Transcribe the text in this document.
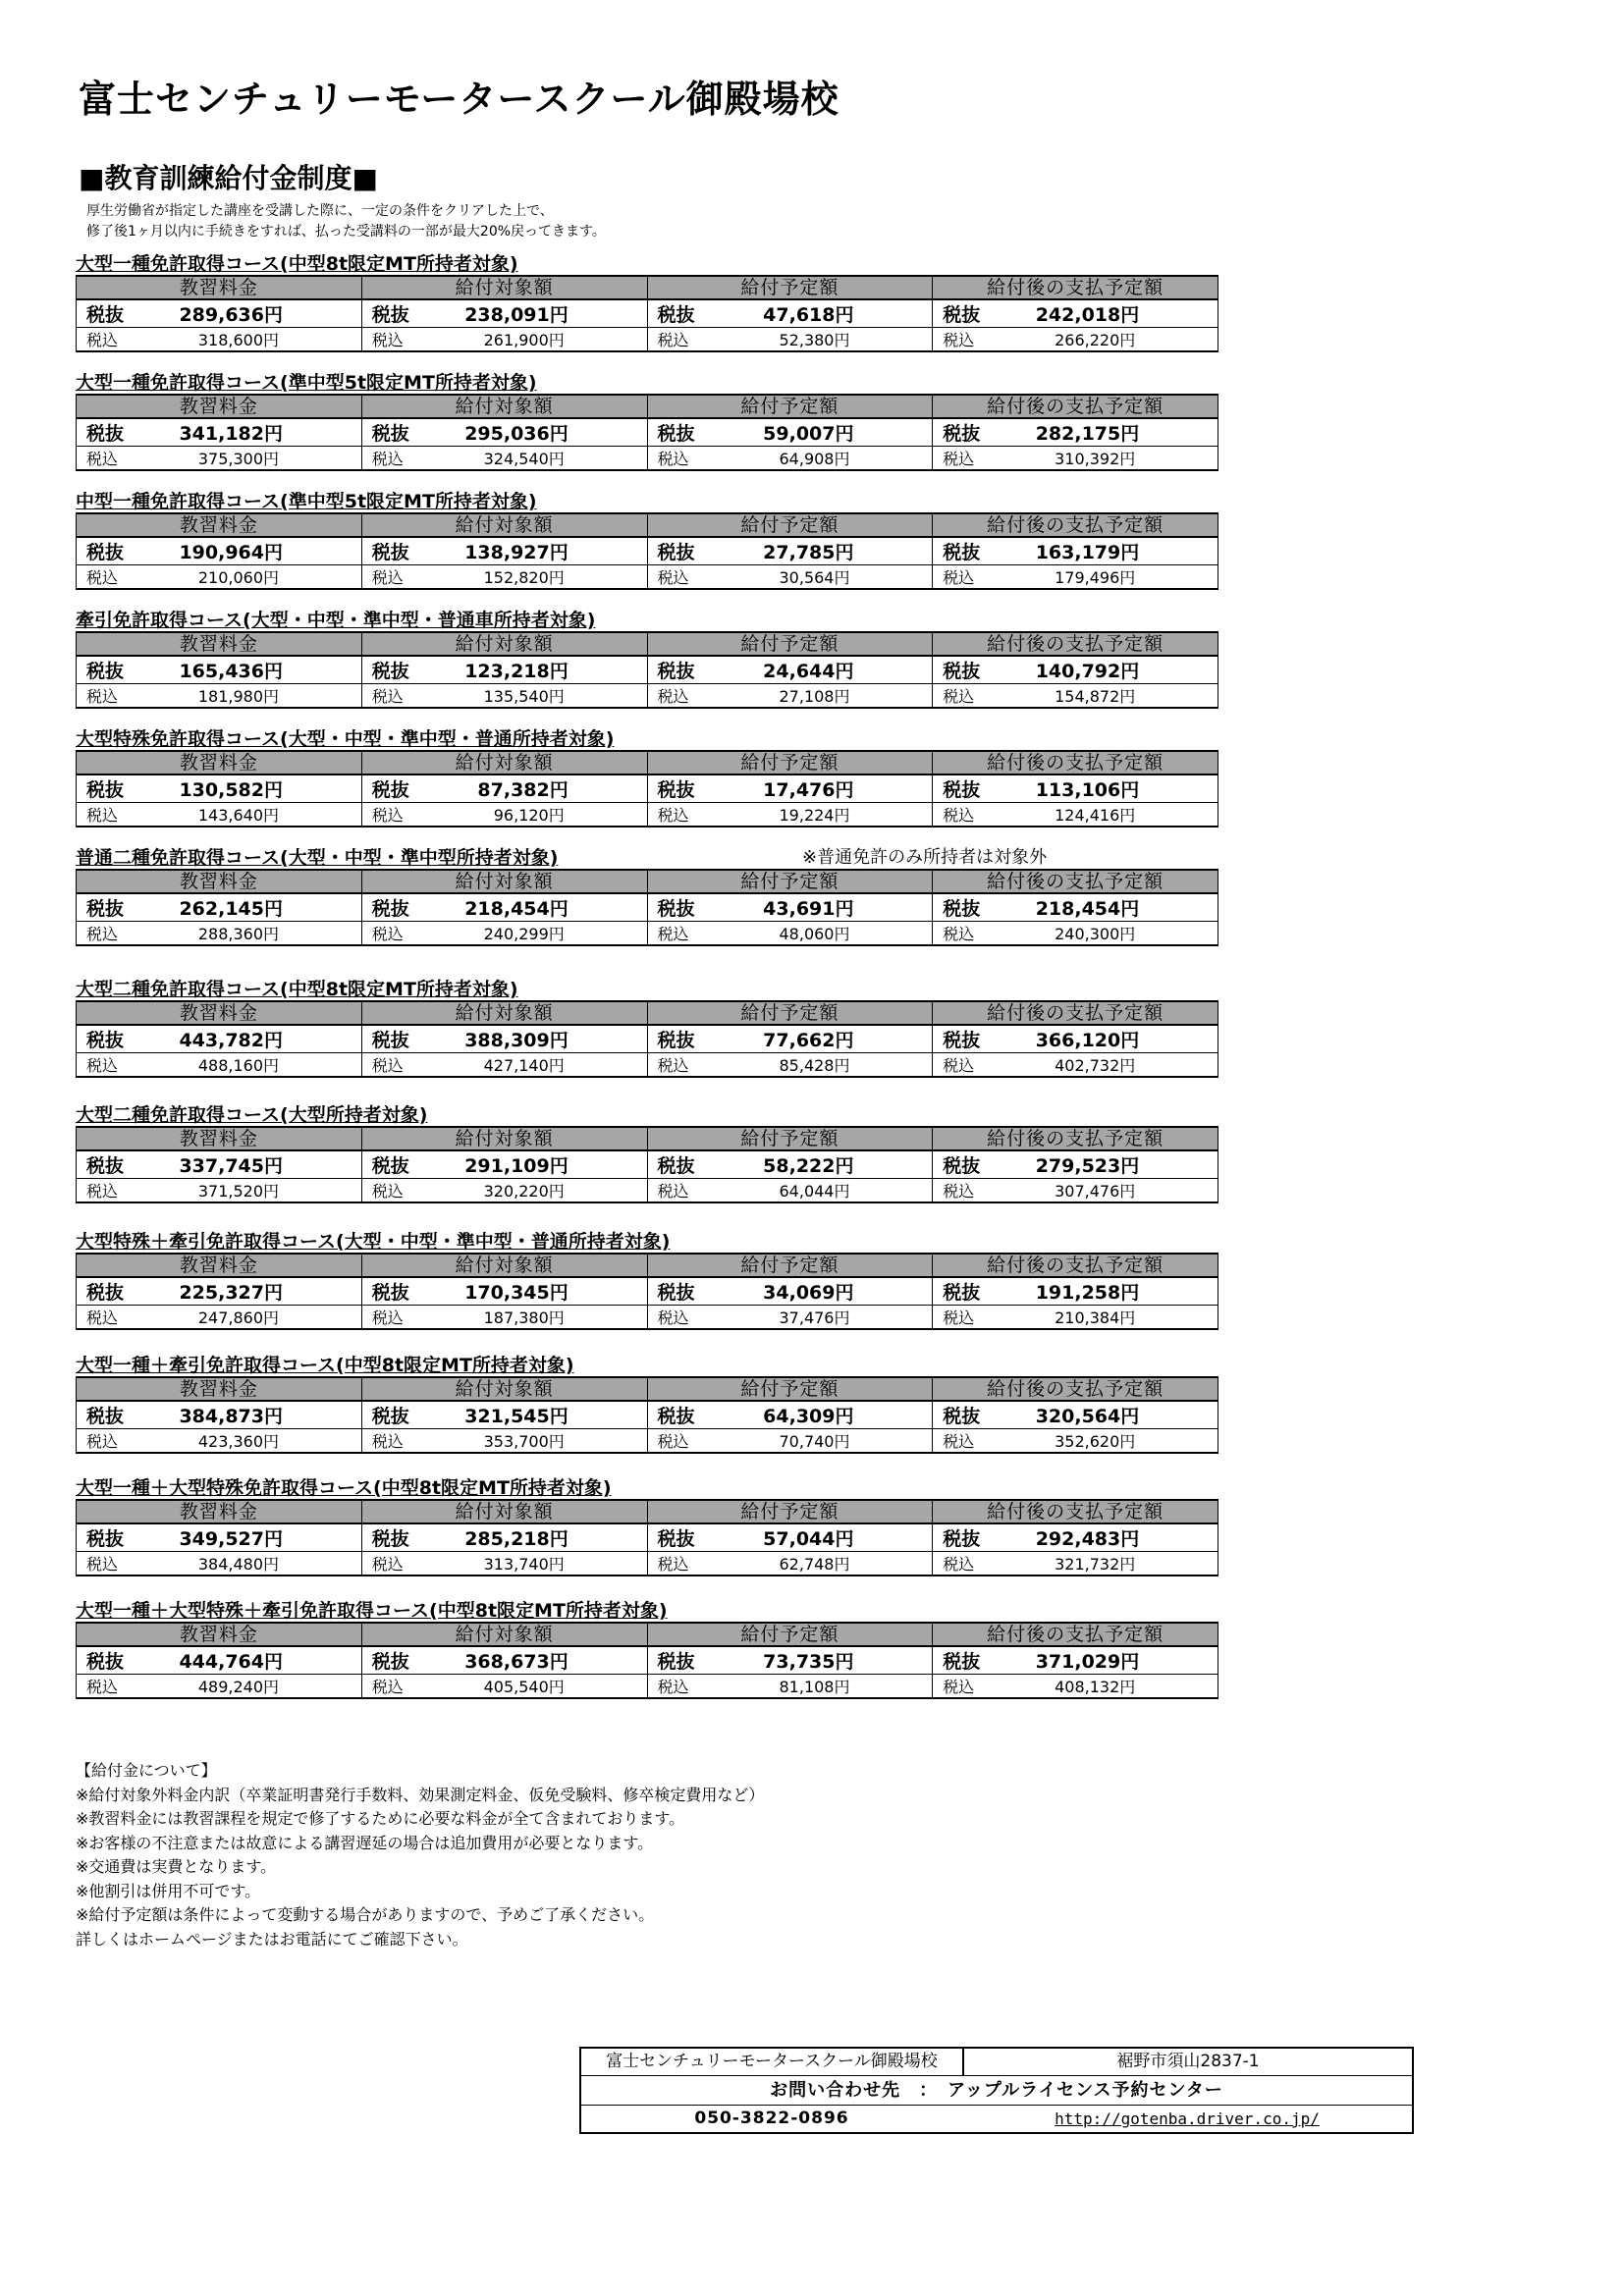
富士センチュリーモータースクール御殿場校
■教育訓練給付金制度■
厚生労働省が指定した講座を受講した際に、一定の条件をクリアした上で、
修了後1ヶ月以内に手続きをすれば、払った受講料の一部が最大20%戻ってきます。
大型一種免許取得コース(中型8t限定MT所持者対象)
教習料金	給付対象額	給付予定額	給付後の支払予定額
税抜 289,636円	税抜 238,091円	税抜 47,618円	税抜 242,018円
税込 318,600円	税込 261,900円	税込 52,380円	税込 266,220円
大型一種免許取得コース(準中型5t限定MT所持者対象)
教習料金	給付対象額	給付予定額	給付後の支払予定額
税抜 341,182円	税抜 295,036円	税抜 59,007円	税抜 282,175円
税込 375,300円	税込 324,540円	税込 64,908円	税込 310,392円
中型一種免許取得コース(準中型5t限定MT所持者対象)
教習料金	給付対象額	給付予定額	給付後の支払予定額
税抜 190,964円	税抜 138,927円	税抜 27,785円	税抜 163,179円
税込 210,060円	税込 152,820円	税込 30,564円	税込 179,496円
牽引免許取得コース(大型・中型・準中型・普通車所持者対象)
教習料金	給付対象額	給付予定額	給付後の支払予定額
税抜 165,436円	税抜 123,218円	税抜 24,644円	税抜 140,792円
税込 181,980円	税込 135,540円	税込 27,108円	税込 154,872円
大型特殊免許取得コース(大型・中型・準中型・普通所持者対象)
教習料金	給付対象額	給付予定額	給付後の支払予定額
税抜 130,582円	税抜 87,382円	税抜 17,476円	税抜 113,106円
税込 143,640円	税込 96,120円	税込 19,224円	税込 124,416円
普通二種免許取得コース(大型・中型・準中型所持者対象)	※普通免許のみ所持者は対象外
教習料金	給付対象額	給付予定額	給付後の支払予定額
税抜 262,145円	税抜 218,454円	税抜 43,691円	税抜 218,454円
税込 288,360円	税込 240,299円	税込 48,060円	税込 240,300円
大型二種免許取得コース(中型8t限定MT所持者対象)
教習料金	給付対象額	給付予定額	給付後の支払予定額
税抜 443,782円	税抜 388,309円	税抜 77,662円	税抜 366,120円
税込 488,160円	税込 427,140円	税込 85,428円	税込 402,732円
大型二種免許取得コース(大型所持者対象)
教習料金	給付対象額	給付予定額	給付後の支払予定額
税抜 337,745円	税抜 291,109円	税抜 58,222円	税抜 279,523円
税込 371,520円	税込 320,220円	税込 64,044円	税込 307,476円
大型特殊＋牽引免許取得コース(大型・中型・準中型・普通所持者対象)
教習料金	給付対象額	給付予定額	給付後の支払予定額
税抜 225,327円	税抜 170,345円	税抜 34,069円	税抜 191,258円
税込 247,860円	税込 187,380円	税込 37,476円	税込 210,384円
大型一種＋牽引免許取得コース(中型8t限定MT所持者対象)
教習料金	給付対象額	給付予定額	給付後の支払予定額
税抜 384,873円	税抜 321,545円	税抜 64,309円	税抜 320,564円
税込 423,360円	税込 353,700円	税込 70,740円	税込 352,620円
大型一種＋大型特殊免許取得コース(中型8t限定MT所持者対象)
教習料金	給付対象額	給付予定額	給付後の支払予定額
税抜 349,527円	税抜 285,218円	税抜 57,044円	税抜 292,483円
税込 384,480円	税込 313,740円	税込 62,748円	税込 321,732円
大型一種＋大型特殊＋牽引免許取得コース(中型8t限定MT所持者対象)
教習料金	給付対象額	給付予定額	給付後の支払予定額
税抜 444,764円	税抜 368,673円	税抜 73,735円	税抜 371,029円
税込 489,240円	税込 405,540円	税込 81,108円	税込 408,132円
【給付金について】
※給付対象外料金内訳（卒業証明書発行手数料、効果測定料金、仮免受験料、修卒検定費用など）
※教習料金には教習課程を規定で修了するために必要な料金が全て含まれております。
※お客様の不注意または故意による講習遅延の場合は追加費用が必要となります。
※交通費は実費となります。
※他割引は併用不可です。
※給付予定額は条件によって変動する場合がありますので、予めご了承ください。
詳しくはホームページまたはお電話にてご確認下さい。
富士センチュリーモータースクール御殿場校	裾野市須山2837-1
お問い合わせ先　：　アップルライセンス予約センター
050-3822-0896	http://gotenba.driver.co.jp/
